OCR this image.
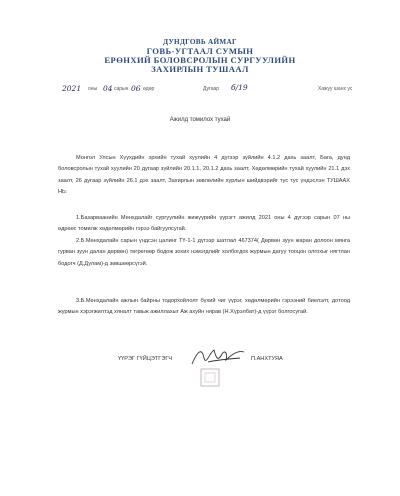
ДУНДГОВЬ АЙМАГ
ГОВЬ-УГТААЛ СУМЫН
ЕРӨНХИЙ БОЛОВСРОЛЫН СУРГУУЛИЙН
ЗАХИРЛЫН ТУШААЛ
2021 оны 04 сарын 06 өдөр	Дугаар б/19	Хажуу шанх ус
Ажилд томилох тухай
Монгол Улсын Хүүхдийн эрхийн тухай хуулийн 4 дүгээр зүйлийн 4.1.2 дахь заалт, Бага, дунд боловсролын тухай хуулийн 20 дугаар зүйлийн 20.1.1, 20.1.2 дахь заалт, Хөдөлмөрийн тухай хуулийн 21.1 дэх заалт, 26 дугаар зүйлийн 26.1 дэх заалт, Захирлын зөвлөлийн хурлын шийдвэрийг тус тус үндэслэн ТУШААХ НЬ:
1.Базарваанийн Мөнхдалайг сургуулийн жижүүрийн үүрэгт ажилд 2021 оны 4 дүгээр сарын 07 ны өдрөөс томилж хөдөлмөрийн гэрээ байгуулсугай.
2.Б.Мөнхдалайн сарын үндсэн цалинг ТҮ-1-1 дүгээр шатлал 467374( Дөрвөн зуун жаран долоон мянга гурван зуун далан дөрвөн) төгрөгөөр бодож зохих нэмэгдлийг холбогдох журмын дагуу тооцон олгохыг нягтлан бодогч (Д.Дулам)-д зөвшөөрсүгэй.
3.Б.Мөнхдалайн ажлын байрны тодорхойлолт бүхий чиг үүрэг, хөдөлмөрийн гэрээний биелэлт, дотоод журмын хэрэгжилтэд хяналт тавьж ажиллахыг Аж ахуйн нярав (Н.Хүрэлбат)-д үүрэг болгосугай.
ҮҮРЭГ ГҮЙЦЭТГЭГЧ	П.АНХТУЯА
